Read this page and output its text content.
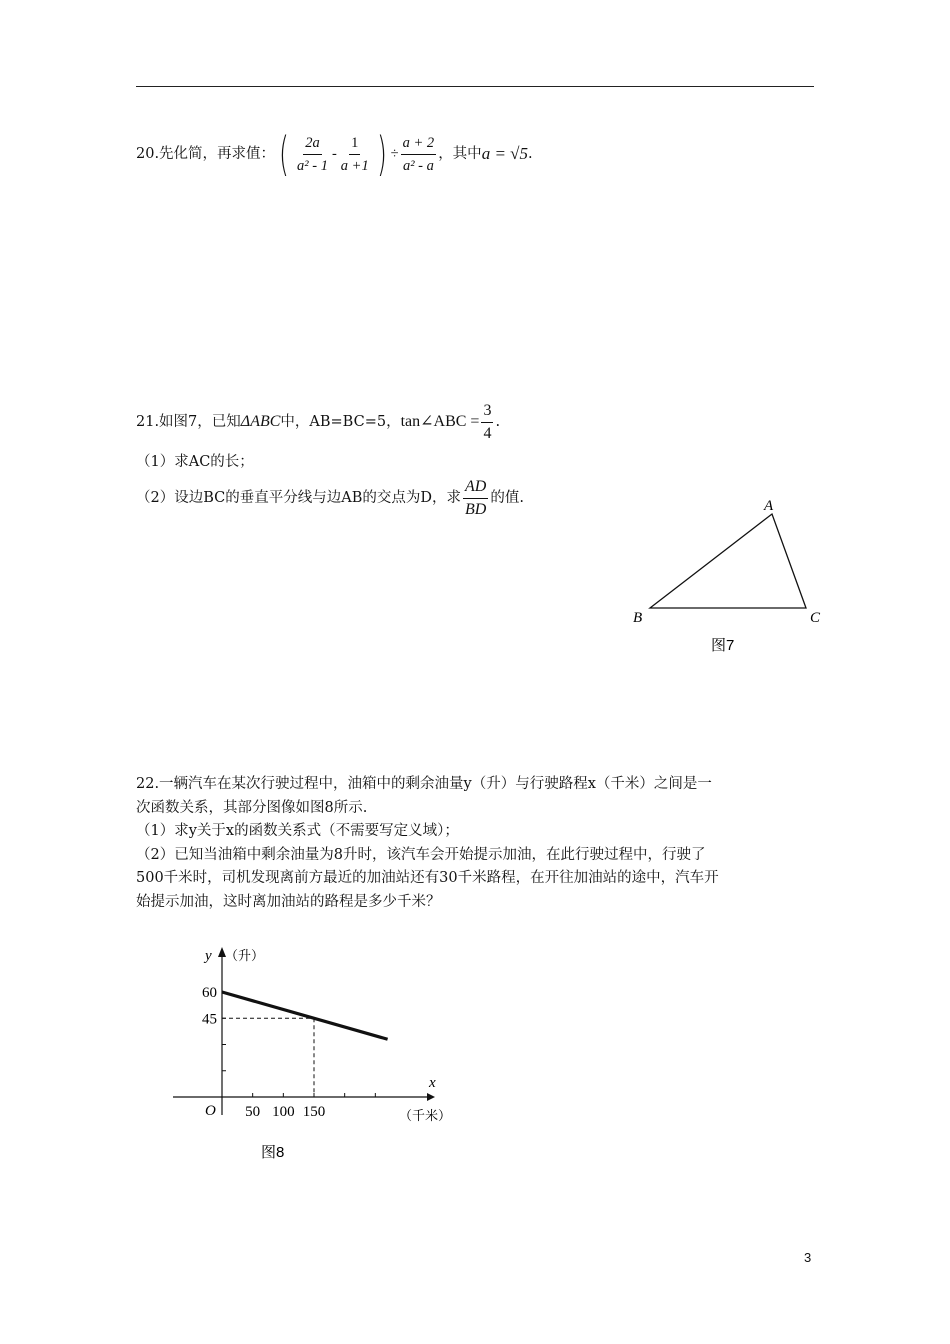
20.先化简，再求值： ( $\frac{2a}{\text{a² - 1}} - \frac{1}{a +1}$ ) ÷ $\frac{a + 2}{\text{a² - a}}$ ，其中 a = √5 .
21.如图7，已知 ΔABC 中，AB=BC=5， tan∠ABC = $\frac{3}{4}$ .
（1）求AC的长；
（2）设边BC的垂直平分线与边AB的交点为D，求 $\frac{AD}{BD}$ 的值.	A
B	C
图7
22.一辆汽车在某次行驶过程中，油箱中的剩余油量y（升）与行驶路程x（千米）之间是一
次函数关系，其部分图像如图8所示.
（1）求y关于x的函数关系式（不需要写定义域）；
（2）已知当油箱中剩余油量为8升时，该汽车会开始提示加油，在此行驶过程中，行驶了
500千米时，司机发现离前方最近的加油站还有30千米路程，在开往加油站的途中，汽车开
始提示加油，这时离加油站的路程是多少千米？
y （升）
x
（千米）
O 50 100 150
60
45
图8
3
